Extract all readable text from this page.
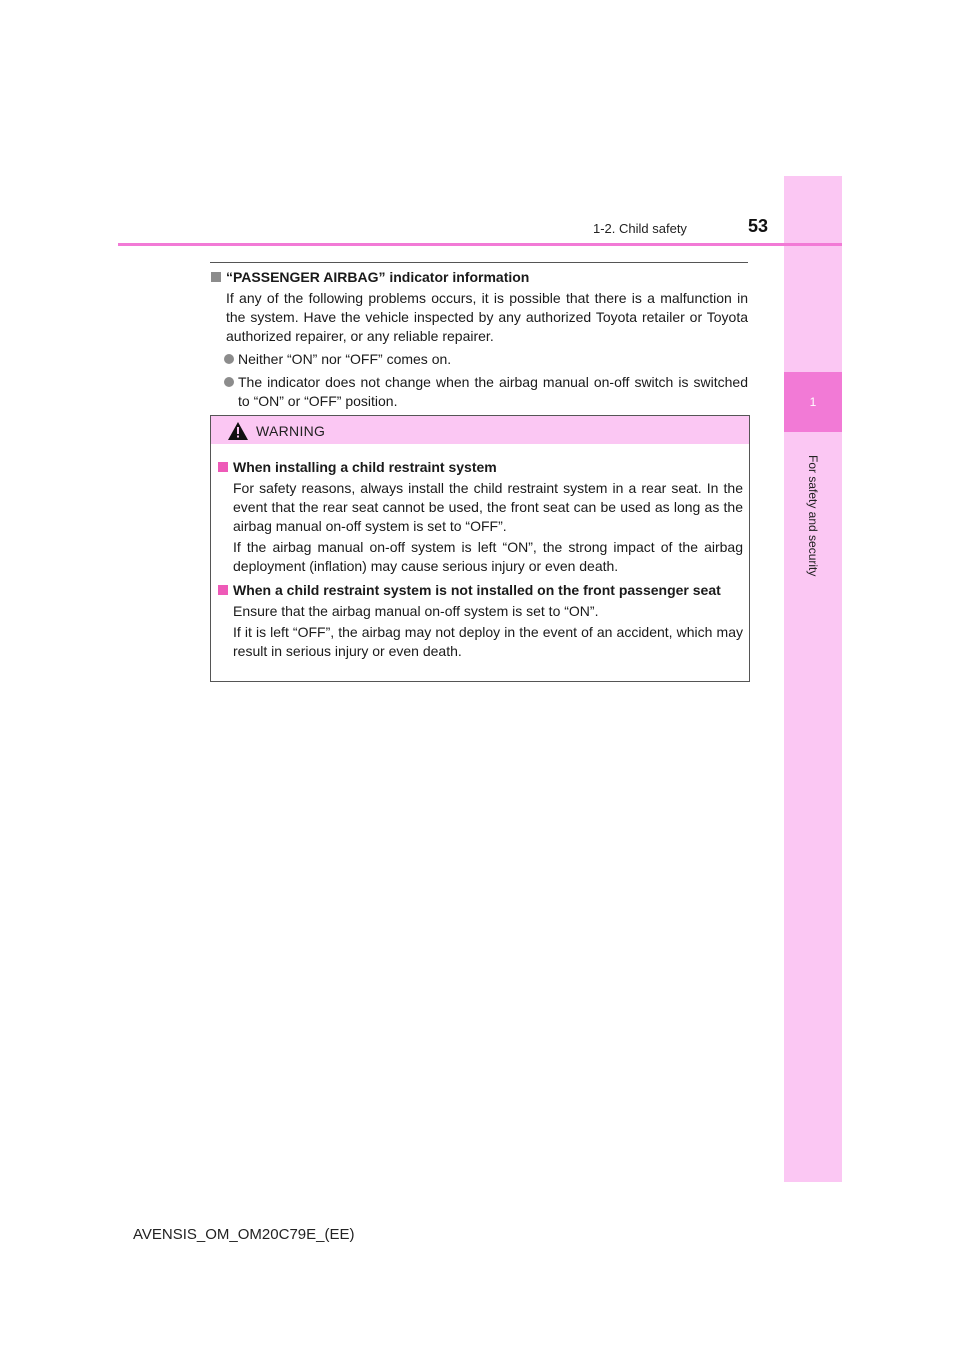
1
For safety and security
1-2. Child safety	53
“PASSENGER AIRBAG” indicator information
If any of the following problems occurs, it is possible that there is a malfunction in the system. Have the vehicle inspected by any authorized Toyota retailer or Toyota authorized repairer, or any reliable repairer.
Neither “ON” nor “OFF” comes on.
The indicator does not change when the airbag manual on-off switch is switched to “ON” or “OFF” position.
WARNING
When installing a child restraint system
For safety reasons, always install the child restraint system in a rear seat. In the event that the rear seat cannot be used, the front seat can be used as long as the airbag manual on-off system is set to “OFF”.
If the airbag manual on-off system is left “ON”, the strong impact of the airbag deployment (inflation) may cause serious injury or even death.
When a child restraint system is not installed on the front passenger seat
Ensure that the airbag manual on-off system is set to “ON”.
If it is left “OFF”, the airbag may not deploy in the event of an accident, which may result in serious injury or even death.
AVENSIS_OM_OM20C79E_(EE)
